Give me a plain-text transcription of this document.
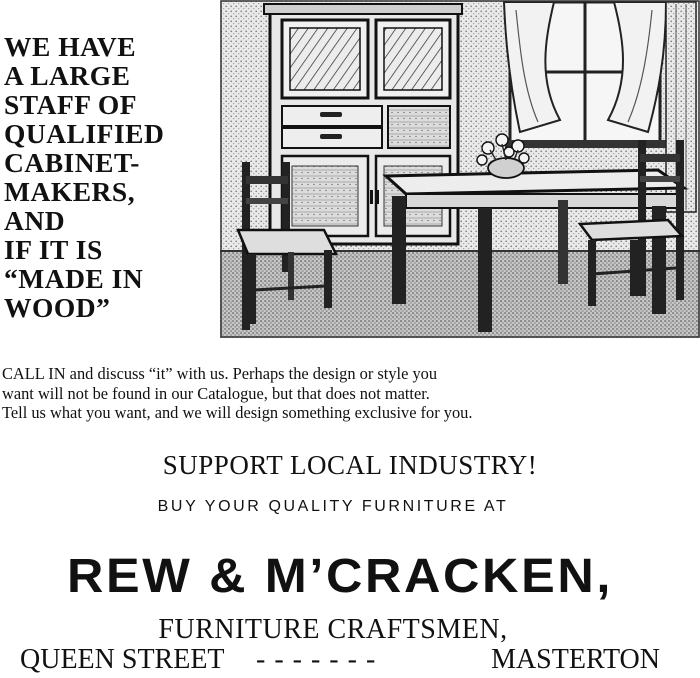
WE HAVE
A LARGE
STAFF OF
QUALIFIED
CABINET-
MAKERS,
AND
IF IT IS
“MADE IN
WOOD”
CALL IN and discuss “it” with us. Perhaps the design or style you
want will not be found in our Catalogue, but that does not matter.
Tell us what you want, and we will design something exclusive for you.
SUPPORT LOCAL INDUSTRY!
BUY YOUR QUALITY FURNITURE AT
REW & M’CRACKEN,
FURNITURE CRAFTSMEN,
QUEEN STREET - - - - - - -	MASTERTON
